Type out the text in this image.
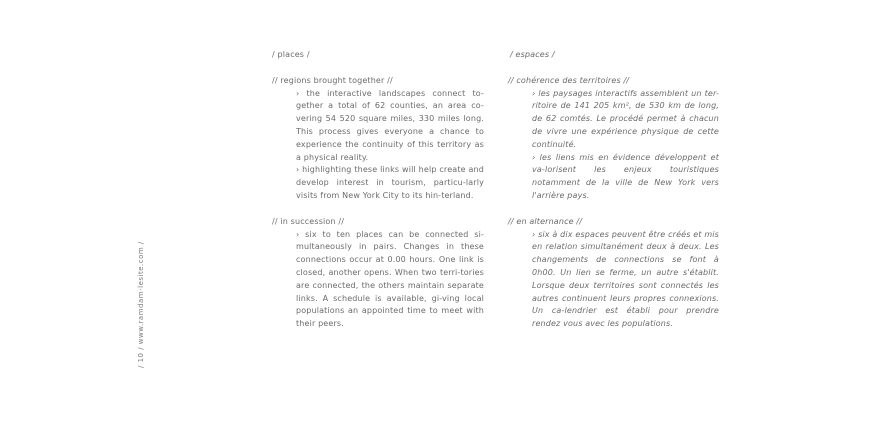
/ 10 / www.ramdam-lesite.com /

/ places /

// regions brought together //

› the interactive landscapes connect to-gether a total of 62 counties, an area co-vering 54 520 square miles, 330 miles long. This process gives everyone a chance to experience the continuity of this territory as a physical reality.

› highlighting these links will help create and develop interest in tourism, particu-larly visits from New York City to its hin-terland.

// in succession //

› six to ten places can be connected si-multaneously in pairs. Changes in these connections occur at 0.00 hours. One link is closed, another opens. When two terri-tories are connected, the others maintain separate links. A schedule is available, gi-ving local populations an appointed time to meet with their peers.

/ espaces /

// cohérence des territoires //

› les paysages interactifs assemblent un ter-ritoire de 141 205 km², de 530 km de long, de 62 comtés. Le procédé permet à chacun de vivre une expérience physique de cette continuité.

› les liens mis en évidence développent et va-lorisent les enjeux touristiques notamment de la ville de New York vers l'arrière pays.

// en alternance //

› six à dix espaces peuvent être créés et mis en relation simultanément deux à deux. Les changements de connections se font à 0h00. Un lien se ferme, un autre s'établit. Lorsque deux territoires sont connectés les autres continuent leurs propres connexions. Un ca-lendrier est établi pour prendre rendez vous avec les populations.
